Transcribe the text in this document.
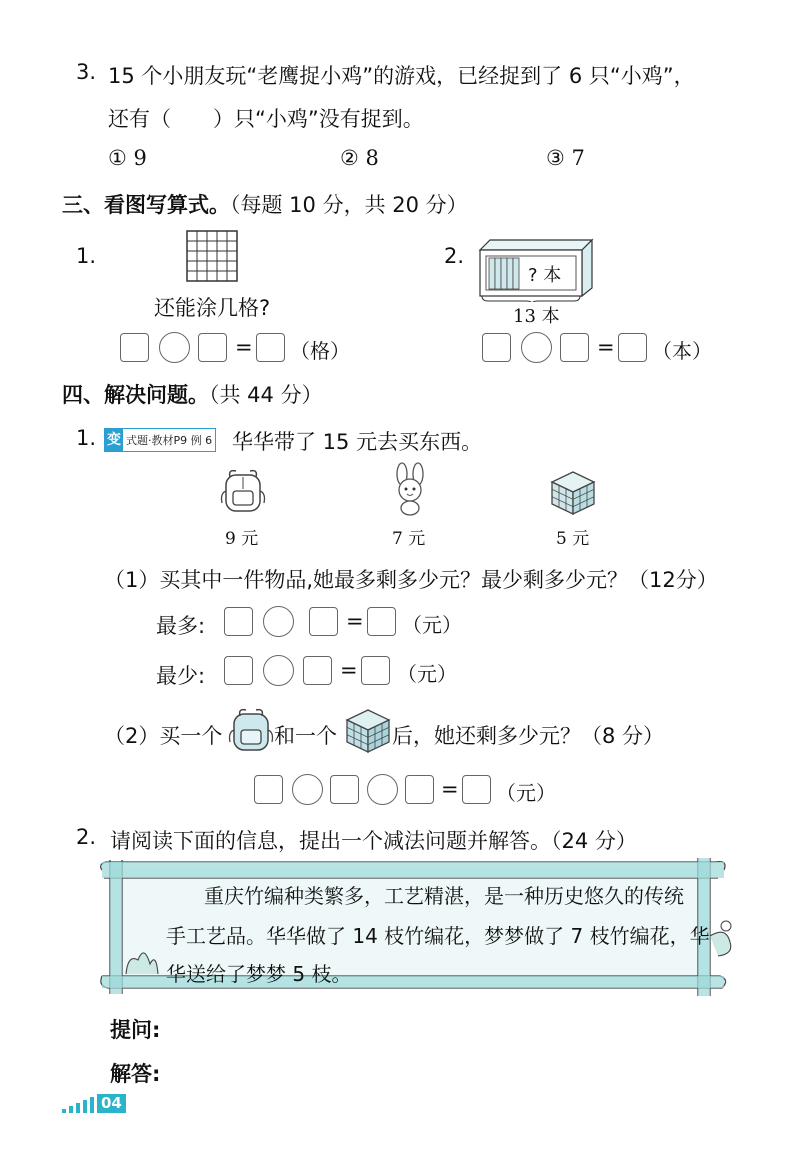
3. 15 个小朋友玩“老鹰捉小鸡”的游戏，已经捉到了 6 只“小鸡”，
还有（　　）只“小鸡”没有捉到。
① 9	② 8	③ 7
三、看图写算式。（每题 10 分，共 20 分）
1.
还能涂几格?
= （格）
2.
? 本
13 本
= （本）
四、解决问题。（共 44 分）
1. 变 式题·教材P9 例 6 华华带了 15 元去买东西。
9 元	7 元	5 元
（1）买其中一件物品,她最多剩多少元？最少剩多少元？（12分）
最多:	= （元）
最少:	= （元）
（2）买一个 和一个	后，她还剩多少元？（8 分）
= （元）
2. 请阅读下面的信息，提出一个减法问题并解答。（24 分）
重庆竹编种类繁多，工艺精湛，是一种历史悠久的传统
手工艺品。华华做了 14 枝竹编花，梦梦做了 7 枝竹编花，华
华送给了梦梦 5 枝。
提问:
解答:
04
